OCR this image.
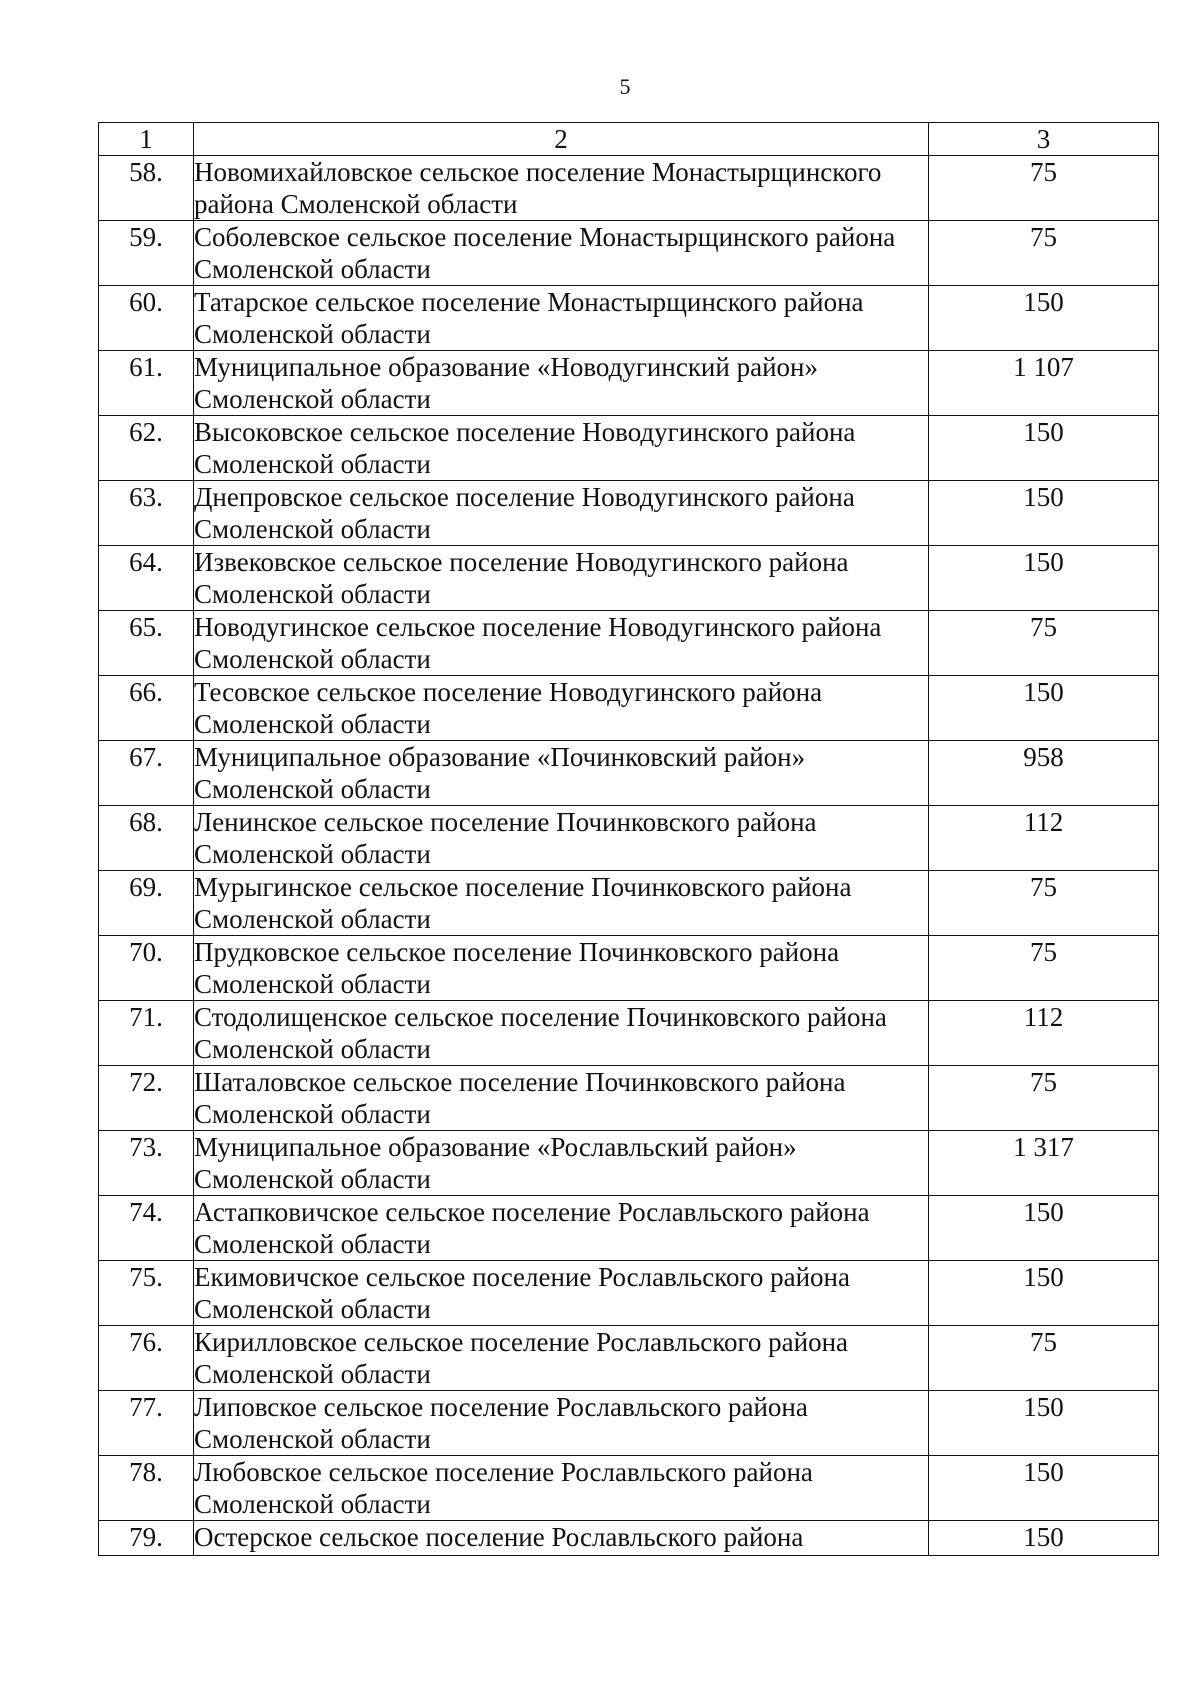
5
1	2	3
58.	Новомихайловское сельское поселение Монастырщинского района Смоленской области	75
59.	Соболевское сельское поселение Монастырщинского района Смоленской области	75
60.	Татарское сельское поселение Монастырщинского района Смоленской области	150
61.	Муниципальное образование «Новодугинский район» Смоленской области	1 107
62.	Высоковское сельское поселение Новодугинского района Смоленской области	150
63.	Днепровское сельское поселение Новодугинского района Смоленской области	150
64.	Извековское сельское поселение Новодугинского района Смоленской области	150
65.	Новодугинское сельское поселение Новодугинского района Смоленской области	75
66.	Тесовское сельское поселение Новодугинского района Смоленской области	150
67.	Муниципальное образование «Починковский район» Смоленской области	958
68.	Ленинское сельское поселение Починковского района Смоленской области	112
69.	Мурыгинское сельское поселение Починковского района Смоленской области	75
70.	Прудковское сельское поселение Починковского района Смоленской области	75
71.	Стодолищенское сельское поселение Починковского района Смоленской области	112
72.	Шаталовское сельское поселение Починковского района Смоленской области	75
73.	Муниципальное образование «Рославльский район» Смоленской области	1 317
74.	Астапковичское сельское поселение Рославльского района Смоленской области	150
75.	Екимовичское сельское поселение Рославльского района Смоленской области	150
76.	Кирилловское сельское поселение Рославльского района Смоленской области	75
77.	Липовское сельское поселение Рославльского района Смоленской области	150
78.	Любовское сельское поселение Рославльского района Смоленской области	150
79.	Остерское сельское поселение Рославльского района	150
